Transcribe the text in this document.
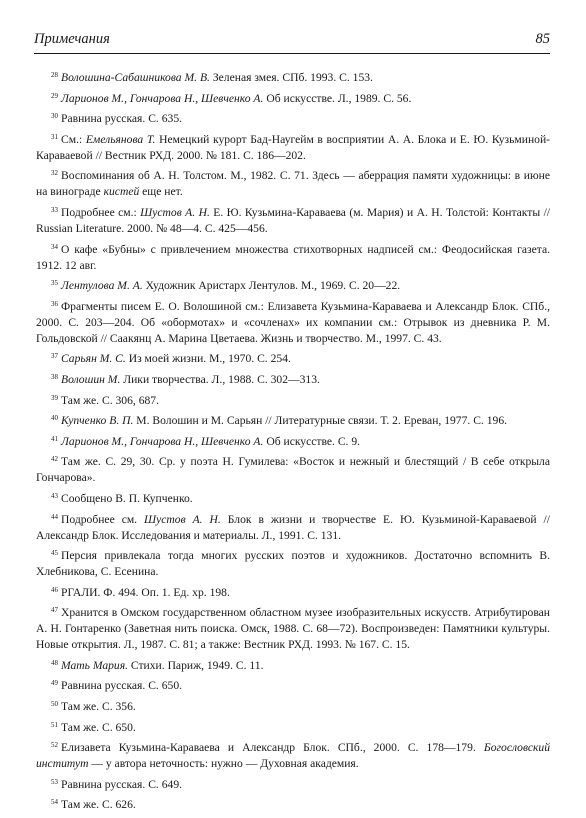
Примечания	85

$^{28}$ Волошина-Сабашникова М. В. Зеленая змея. СПб. 1993. С. 153.

$^{29}$ Ларионов М., Гончарова Н., Шевченко А. Об искусстве. Л., 1989. С. 56.

$^{30}$ Равнина русская. С. 635.

$^{31}$ См.: Емельянова Т. Немецкий курорт Бад-Наугейм в восприятии А. А. Блока и Е. Ю. Кузьминой-Караваевой // Вестник РХД. 2000. № 181. С. 186—202.

$^{32}$ Воспоминания об А. Н. Толстом. М., 1982. С. 71. Здесь — аберрация памяти художницы: в июне на винограде кистей еще нет.

$^{33}$ Подробнее см.: Шустов А. Н. Е. Ю. Кузьмина-Караваева (м. Мария) и А. Н. Толстой: Контакты // Russian Literature. 2000. № 48—4. С. 425—456.

$^{34}$ О кафе «Бубны» с привлечением множества стихотворных надписей см.: Феодосийская газета. 1912. 12 авг.

$^{35}$ Лентулова М. А. Художник Аристарх Лентулов. М., 1969. С. 20—22.

$^{36}$ Фрагменты писем Е. О. Волошиной см.: Елизавета Кузьмина-Караваева и Александр Блок. СПб., 2000. С. 203—204. Об «обормотах» и «сочленах» их компании см.: Отрывок из дневника Р. М. Гольдовской // Саакянц А. Марина Цветаева. Жизнь и творчество. М., 1997. С. 43.

$^{37}$ Сарьян М. С. Из моей жизни. М., 1970. С. 254.

$^{38}$ Волошин М. Лики творчества. Л., 1988. С. 302—313.

$^{39}$ Там же. С. 306, 687.

$^{40}$ Купченко В. П. М. Волошин и М. Сарьян // Литературные связи. Т. 2. Ереван, 1977. С. 196.

$^{41}$ Ларионов М., Гончарова Н., Шевченко А. Об искусстве. С. 9.

$^{42}$ Там же. С. 29, 30. Ср. у поэта Н. Гумилева: «Восток и нежный и блестящий / В себе открыла Гончарова».

$^{43}$ Сообщено В. П. Купченко.

$^{44}$ Подробнее см. Шустов А. Н. Блок в жизни и творчестве Е. Ю. Кузьминой-Караваевой // Александр Блок. Исследования и материалы. Л., 1991. С. 131.

$^{45}$ Персия привлекала тогда многих русских поэтов и художников. Достаточно вспомнить В. Хлебникова, С. Есенина.

$^{46}$ РГАЛИ. Ф. 494. Оп. 1. Ед. хр. 198.

$^{47}$ Хранится в Омском государственном областном музее изобразительных искусств. Атрибутирован А. Н. Гонтаренко (Заветная нить поиска. Омск, 1988. С. 68—72). Воспроизведен: Памятники культуры. Новые открытия. Л., 1987. С. 81; а также: Вестник РХД. 1993. № 167. С. 15.

$^{48}$ Мать Мария. Стихи. Париж, 1949. С. 11.

$^{49}$ Равнина русская. С. 650.

$^{50}$ Там же. С. 356.

$^{51}$ Там же. С. 650.

$^{52}$ Елизавета Кузьмина-Караваева и Александр Блок. СПб., 2000. С. 178—179. Богословский институт — у автора неточность: нужно — Духовная академия.

$^{53}$ Равнина русская. С. 649.

$^{54}$ Там же. С. 626.
